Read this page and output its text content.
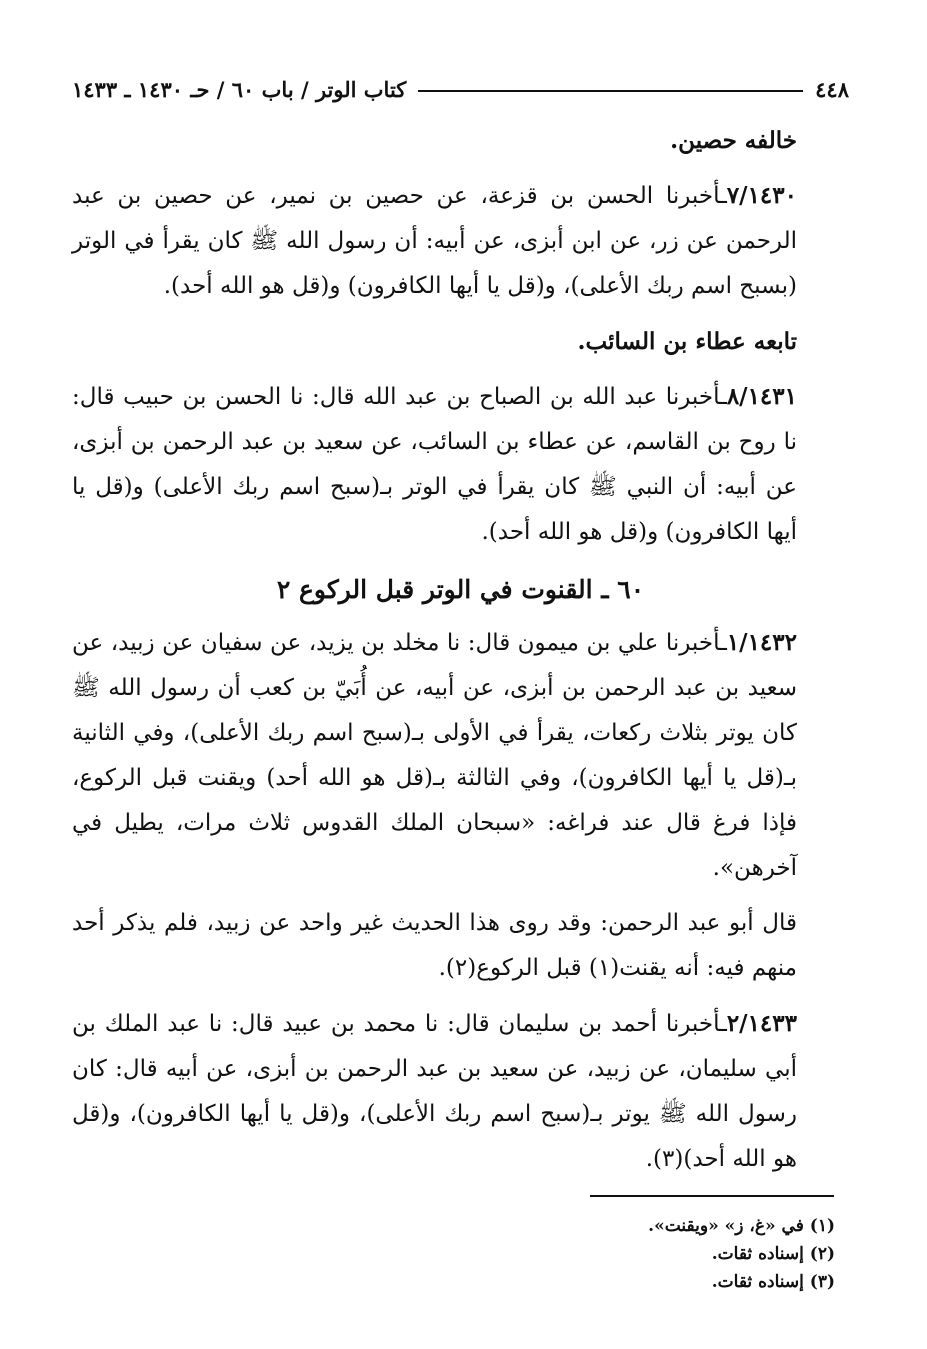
٤٤٨
كتاب الوتر / باب ٦٠ / حـ ١٤٣٠ ـ ١٤٣٣

خالفه حصين.

٧/١٤٣٠ـأخبرنا الحسن بن قزعة، عن حصين بن نمير، عن حصين بن عبد الرحمن عن زر، عن ابن أبزى، عن أبيه: أن رسول الله ﷺ كان يقرأ في الوتر (بسبح اسم ربك الأعلى)، و(قل يا أيها الكافرون) و(قل هو الله أحد).

تابعه عطاء بن السائب.

٨/١٤٣١ـأخبرنا عبد الله بن الصباح بن عبد الله قال: نا الحسن بن حبيب قال: نا روح بن القاسم، عن عطاء بن السائب، عن سعيد بن عبد الرحمن بن أبزى، عن أبيه: أن النبي ﷺ كان يقرأ في الوتر بـ(سبح اسم ربك الأعلى) و(قل يا أيها الكافرون) و(قل هو الله أحد).

٦٠ ـ القنوت في الوتر قبل الركوع ٢

١/١٤٣٢ـأخبرنا علي بن ميمون قال: نا مخلد بن يزيد، عن سفيان عن زبيد، عن سعيد بن عبد الرحمن بن أبزى، عن أبيه، عن أُبَيّ بن كعب أن رسول الله ﷺ كان يوتر بثلاث ركعات، يقرأ في الأولى بـ(سبح اسم ربك الأعلى)، وفي الثانية بـ(قل يا أيها الكافرون)، وفي الثالثة بـ(قل هو الله أحد) ويقنت قبل الركوع، فإذا فرغ قال عند فراغه: «سبحان الملك القدوس ثلاث مرات، يطيل في آخرهن».

قال أبو عبد الرحمن: وقد روى هذا الحديث غير واحد عن زبيد، فلم يذكر أحد منهم فيه: أنه يقنت(١) قبل الركوع(٢).

٢/١٤٣٣ـأخبرنا أحمد بن سليمان قال: نا محمد بن عبيد قال: نا عبد الملك بن أبي سليمان، عن زبيد، عن سعيد بن عبد الرحمن بن أبزى، عن أبيه قال: كان رسول الله ﷺ يوتر بـ(سبح اسم ربك الأعلى)، و(قل يا أيها الكافرون)، و(قل هو الله أحد)(٣).

(١) في «غ، ز» «ويقنت».
(٢) إسناده ثقات.
(٣) إسناده ثقات.
